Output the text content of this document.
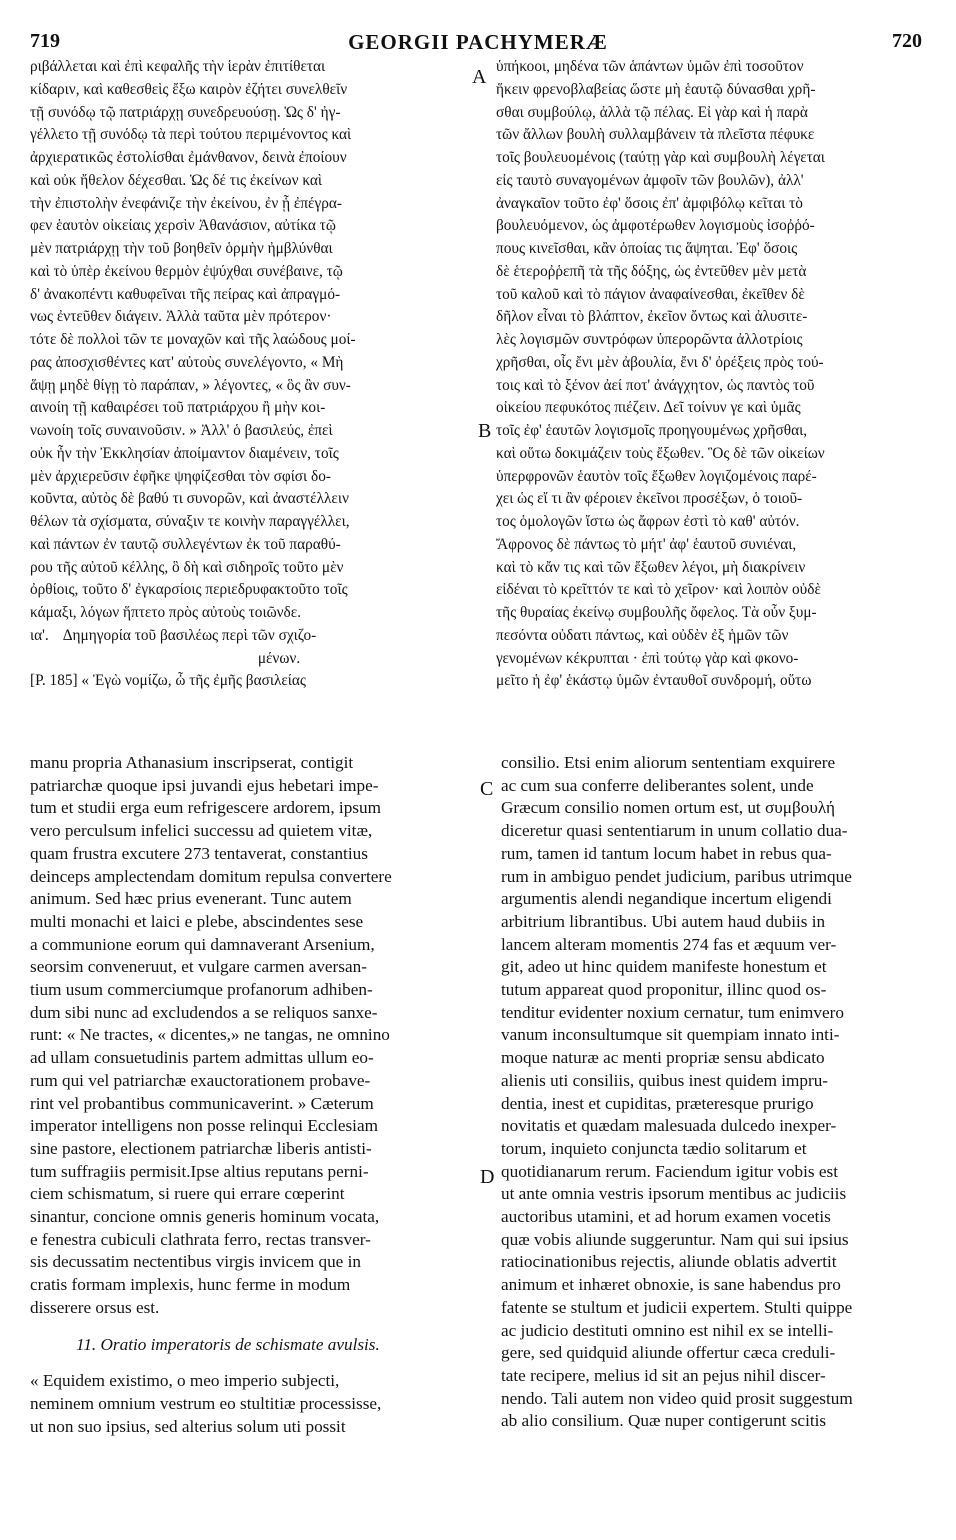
719	GEORGII PACHYMERÆ	720
ριβάλλεται καὶ ἐπὶ κεφαλῆς τὴν ἱερὰν ἐπιτίθεται
κίδαριν, καὶ καθεσθεὶς ἔξω καιρὸν ἐζήτει συνελθεῖν
τῇ συνόδῳ τῷ πατριάρχῃ συνεδρευούσῃ. Ὡς δ' ἠγ-
γέλλετο τῇ συνόδῳ τὰ περὶ τούτου περιμένοντος καὶ
ἀρχιερατικῶς ἐστολίσθαι ἐμάνθανον, δεινὰ ἐποίουν
καὶ οὐκ ἤθελον δέχεσθαι. Ὡς δέ τις ἐκείνων καὶ
τὴν ἐπιστολὴν ἐνεφάνιζε τὴν ἐκείνου, ἐν ᾗ ἐπέγρα-
φεν ἑαυτὸν οἰκείαις χερσὶν Ἀθανάσιον, αὐτίκα τῷ
μὲν πατριάρχῃ τὴν τοῦ βοηθεῖν ὁρμὴν ἠμβλύνθαι
καὶ τὸ ὑπὲρ ἐκείνου θερμὸν ἐψύχθαι συνέβαινε, τῷ
δ' ἀνακοπέντι καθυφεῖναι τῆς πείρας καὶ ἀπραγμό-
νως ἐντεῦθεν διάγειν. Ἀλλὰ ταῦτα μὲν πρότερον·
τότε δὲ πολλοὶ τῶν τε μοναχῶν καὶ τῆς λαώδους μοί-
ρας ἀποσχισθέντες κατ' αὐτοὺς συνελέγοντο, « Μὴ
ἅψῃ μηδὲ θίγῃ τὸ παράπαν, » λέγοντες, « ὃς ἂν συν-
αινοίη τῇ καθαιρέσει τοῦ πατριάρχου ἢ μὴν κοι-
νωνοίη τοῖς συναινοῦσιν. » Ἀλλ' ὁ βασιλεύς, ἐπεὶ
οὐκ ἦν τὴν Ἐκκλησίαν ἀποίμαντον διαμένειν, τοῖς
μὲν ἀρχιερεῦσιν ἐφῆκε ψηφίζεσθαι τὸν σφίσι δο-
κοῦντα, αὐτὸς δὲ βαθύ τι συνορῶν, καὶ ἀναστέλλειν
θέλων τὰ σχίσματα, σύναξιν τε κοινὴν παραγγέλλει,
καὶ πάντων ἐν ταυτῷ συλλεγέντων ἐκ τοῦ παραθύ-
ρου τῆς αὐτοῦ κέλλης, ὃ δὴ καὶ σιδηροῖς τοῦτο μὲν
ὀρθίοις, τοῦτο δ' ἐγκαρσίοις περιεδρυφακτοῦτο τοῖς
κάμαξι, λόγων ἥπτετο πρὸς αὐτοὺς τοιῶνδε.
ια'. Δημηγορία τοῦ βασιλέως περὶ τῶν σχιζο-
μένων.
[P. 185] « Ἐγὼ νομίζω, ὦ τῆς ἐμῆς βασιλείας
ὑπήκοοι, μηδένα τῶν ἁπάντων ὑμῶν ἐπὶ τοσοῦτον
ἥκειν φρενοβλαβείας ὥστε μὴ ἑαυτῷ δύνασθαι χρῆ-
σθαι συμβούλῳ, ἀλλὰ τῷ πέλας. Εἰ γὰρ καὶ ἡ παρὰ
τῶν ἄλλων βουλὴ συλλαμβάνειν τὰ πλεῖστα πέφυκε
τοῖς βουλευομένοις (ταύτῃ γὰρ καὶ συμβουλὴ λέγεται
εἰς ταυτὸ συναγομένων ἀμφοῖν τῶν βουλῶν), ἀλλ'
ἀναγκαῖον τοῦτο ἐφ' ὅσοις ἐπ' ἀμφιβόλῳ κεῖται τὸ
βουλευόμενον, ὡς ἀμφοτέρωθεν λογισμοὺς ἰσοῤῥό-
πους κινεῖσθαι, κἂν ὁποίας τις ἅψηται. Ἐφ' ὅσοις
δὲ ἑτεροῤῥεπῆ τὰ τῆς δόξης, ὡς ἐντεῦθεν μὲν μετὰ
τοῦ καλοῦ καὶ τὸ πάγιον ἀναφαίνεσθαι, ἐκεῖθεν δὲ
δῆλον εἶναι τὸ βλάπτον, ἐκεῖον ὄντως καὶ ἀλυσιτε-
λὲς λογισμῶν συντρόφων ὑπερορῶντα ἀλλοτρίοις
χρῆσθαι, οἷς ἔνι μὲν ἀβουλία, ἔνι δ' ὀρέξεις πρὸς τού-
τοις καὶ τὸ ξένον ἀεί ποτ' ἀνάγχητον, ὡς παντὸς τοῦ
οἰκείου πεφυκότος πιέζειν. Δεῖ τοίνυν γε καὶ ὑμᾶς
τοῖς ἐφ' ἑαυτῶν λογισμοῖς προηγουμένως χρῆσθαι,
καὶ οὕτω δοκιμάζειν τοὺς ἔξωθεν. Ὃς δὲ τῶν οἰκείων
ὑπερφρονῶν ἑαυτὸν τοῖς ἔξωθεν λογιζομένοις παρέ-
χει ὡς εἴ τι ἂν φέροιεν ἐκεῖνοι προσέξων, ὁ τοιοῦ-
τος ὁμολογῶν ἴστω ὡς ἄφρων ἐστὶ τὸ καθ' αὐτόν.
Ἄφρονος δὲ πάντως τὸ μήτ' ἀφ' ἑαυτοῦ συνιέναι,
καὶ τὸ κἄν τις καὶ τῶν ἔξωθεν λέγοι, μὴ διακρίνειν
εἰδέναι τὸ κρεῖττόν τε καὶ τὸ χεῖρον· καὶ λοιπὸν οὐδὲ
τῆς θυραίας ἐκείνῳ συμβουλῆς ὄφελος. Τὰ οὖν ξυμ-
πεσόντα οὐδατι πάντως, καὶ οὐδὲν ἐξ ἡμῶν τῶν
γενομένων κέκρυπται · ἐπὶ τούτῳ γὰρ καὶ φκονο-
μεῖτο ἡ ἐφ' ἑκάστῳ ὑμῶν ἐνταυθοῖ συνδρομή, οὕτω
A
B
C
D
manu propria Athanasium inscripserat, contigit
patriarchæ quoque ipsi juvandi ejus hebetari impe-
tum et studii erga eum refrigescere ardorem, ipsum
vero perculsum infelici successu ad quietem vitæ,
quam frustra excutere 273 tentaverat, constantius
deinceps amplectendam domitum repulsa convertere
animum. Sed hæc prius evenerant. Tunc autem
multi monachi et laici e plebe, abscindentes sese
a communione eorum qui damnaverant Arsenium,
seorsim conveneruut, et vulgare carmen aversan-
tium usum commerciumque profanorum adhiben-
dum sibi nunc ad excludendos a se reliquos sanxe-
runt: « Ne tractes, « dicentes,» ne tangas, ne omnino
ad ullam consuetudinis partem admittas ullum eo-
rum qui vel patriarchæ exauctorationem probave-
rint vel probantibus communicaverint. » Cæterum
imperator intelligens non posse relinqui Ecclesiam
sine pastore, electionem patriarchæ liberis antisti-
tum suffragiis permisit.Ipse altius reputans perni-
ciem schismatum, si ruere qui errare cœperint
sinantur, concione omnis generis hominum vocata,
e fenestra cubiculi clathrata ferro, rectas transver-
sis decussatim nectentibus virgis invicem que in
cratis formam implexis, hunc ferme in modum
disserere orsus est.
11. Oratio imperatoris de schismate avulsis.
« Equidem existimo, o meo imperio subjecti,
neminem omnium vestrum eo stultitiæ processisse,
ut non suo ipsius, sed alterius solum uti possit
consilio. Etsi enim aliorum sententiam exquirere
ac cum sua conferre deliberantes solent, unde
Græcum consilio nomen ortum est, ut συμβουλή
diceretur quasi sententiarum in unum collatio dua-
rum, tamen id tantum locum habet in rebus qua-
rum in ambiguo pendet judicium, paribus utrimque
argumentis alendi negandique incertum eligendi
arbitrium librantibus. Ubi autem haud dubiis in
lancem alteram momentis 274 fas et æquum ver-
git, adeo ut hinc quidem manifeste honestum et
tutum appareat quod proponitur, illinc quod os-
tenditur evidenter noxium cernatur, tum enimvero
vanum inconsultumque sit quempiam innato inti-
moque naturæ ac menti propriæ sensu abdicato
alienis uti consiliis, quibus inest quidem impru-
dentia, inest et cupiditas, præteresque prurigo
novitatis et quædam malesuada dulcedo inexper-
torum, inquieto conjuncta tædio solitarum et
quotidianarum rerum. Faciendum igitur vobis est
ut ante omnia vestris ipsorum mentibus ac judiciis
auctoribus utamini, et ad horum examen vocetis
quæ vobis aliunde suggeruntur. Nam qui sui ipsius
ratiocinationibus rejectis, aliunde oblatis advertit
animum et inhæret obnoxie, is sane habendus pro
fatente se stultum et judicii expertem. Stulti quippe
ac judicio destituti omnino est nihil ex se intelli-
gere, sed quidquid aliunde offertur cæca creduli-
tate recipere, melius id sit an pejus nihil discer-
nendo. Tali autem non video quid prosit suggestum
ab alio consilium. Quæ nuper contigerunt scitis
